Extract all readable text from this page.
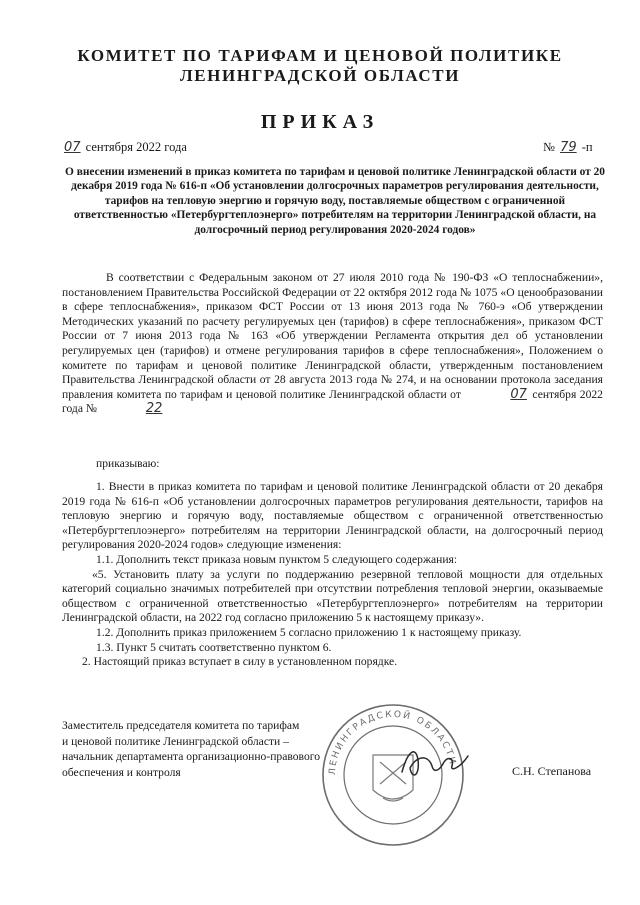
КОМИТЕТ ПО ТАРИФАМ И ЦЕНОВОЙ ПОЛИТИКЕ
ЛЕНИНГРАДСКОЙ ОБЛАСТИ
ПРИКАЗ
07 сентября 2022 года	№ 79 -п
О внесении изменений в приказ комитета по тарифам и ценовой политике Ленинградской области от 20 декабря 2019 года № 616-п «Об установлении долгосрочных параметров регулирования деятельности, тарифов на тепловую энергию и горячую воду, поставляемые обществом с ограниченной ответственностью «Петербургтеплоэнерго» потребителям на территории Ленинградской области, на долгосрочный период регулирования 2020-2024 годов»

В соответствии с Федеральным законом от 27 июля 2010 года № 190-ФЗ «О теплоснабжении», постановлением Правительства Российской Федерации от 22 октября 2012 года № 1075 «О ценообразовании в сфере теплоснабжения», приказом ФСТ России от 13 июня 2013 года № 760-э «Об утверждении Методических указаний по расчету регулируемых цен (тарифов) в сфере теплоснабжения», приказом ФСТ России от 7 июня 2013 года № 163 «Об утверждении Регламента открытия дел об установлении регулируемых цен (тарифов) и отмене регулирования тарифов в сфере теплоснабжения», Положением о комитете по тарифам и ценовой политике Ленинградской области, утвержденным постановлением Правительства Ленинградской области от 28 августа 2013 года № 274, и на основании протокола заседания правления комитета по тарифам и ценовой политике Ленинградской области от	07 сентября 2022 года №	22

приказываю:

1. Внести в приказ комитета по тарифам и ценовой политике Ленинградской области от 20 декабря 2019 года № 616-п «Об установлении долгосрочных параметров регулирования деятельности, тарифов на тепловую энергию и горячую воду, поставляемые обществом с ограниченной ответственностью «Петербургтеплоэнерго» потребителям на территории Ленинградской области, на долгосрочный период регулирования 2020-2024 годов» следующие изменения:

1.1. Дополнить текст приказа новым пунктом 5 следующего содержания:

«5. Установить плату за услуги по поддержанию резервной тепловой мощности для отдельных категорий социально значимых потребителей при отсутствии потребления тепловой энергии, оказываемые обществом с ограниченной ответственностью «Петербургтеплоэнерго» потребителям на территории Ленинградской области, на 2022 год согласно приложению 5 к настоящему приказу».

1.2. Дополнить приказ приложением 5 согласно приложению 1 к настоящему приказу.

1.3. Пункт 5 считать соответственно пунктом 6.

2. Настоящий приказ вступает в силу в установленном порядке.

ЛЕНИНГРАДСКОЙ ОБЛАСТИ
Заместитель председателя комитета по тарифам
и ценовой политике Ленинградской области –
начальник департамента организационно-правового
обеспечения и контроля	С.Н. Степанова
